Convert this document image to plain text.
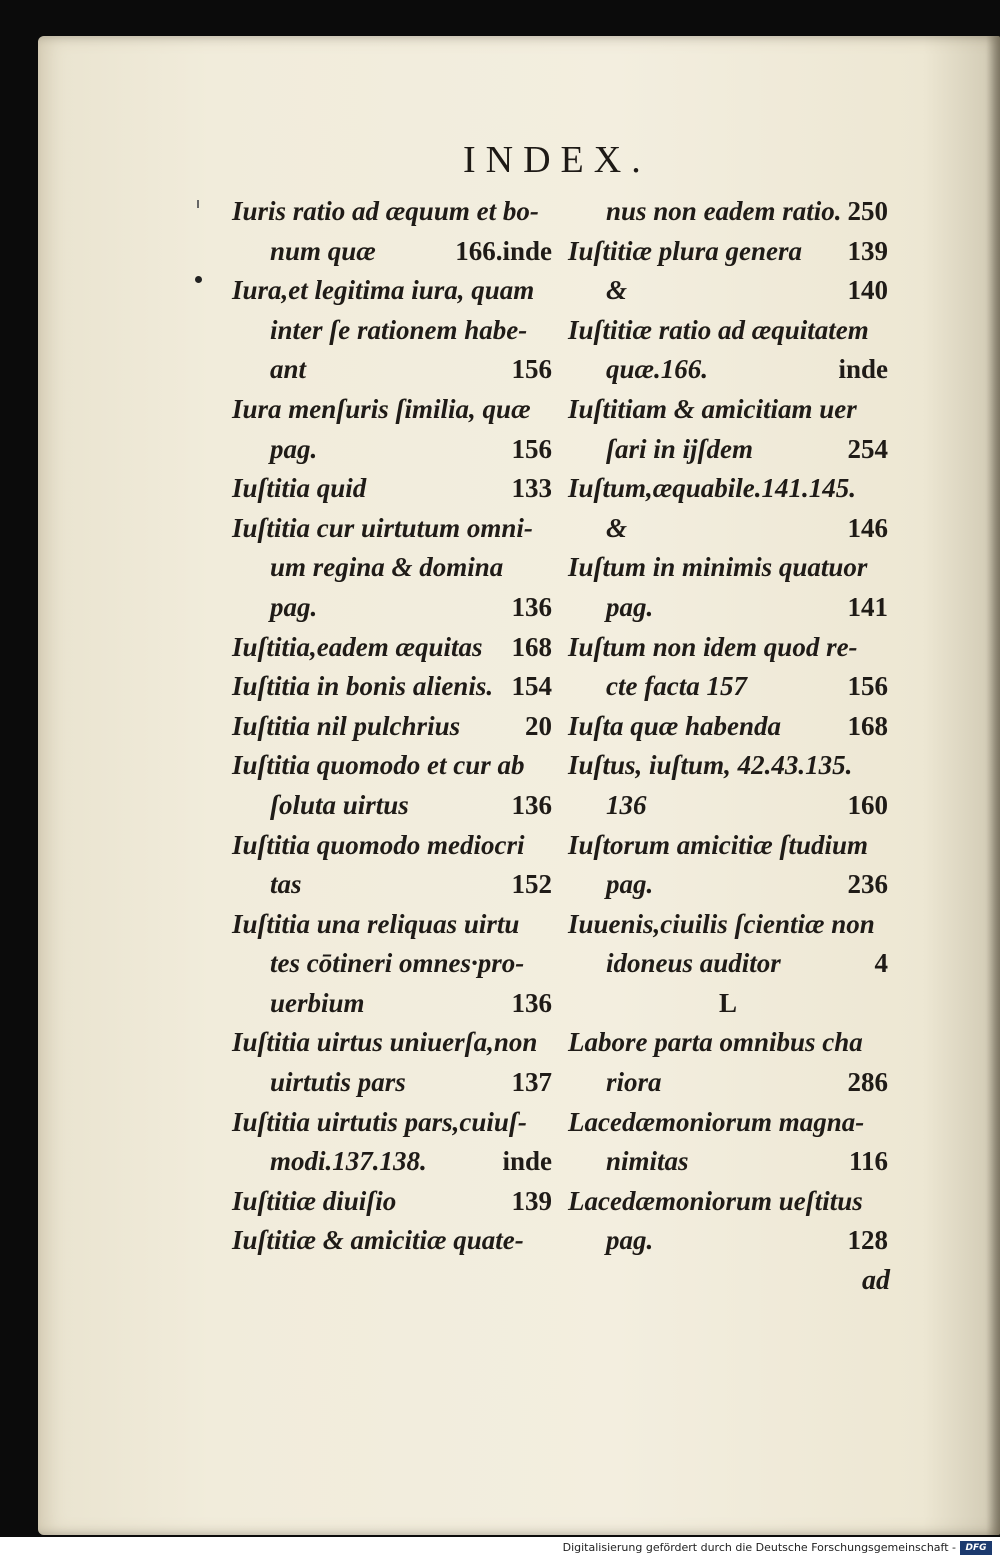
INDEX.
Iuris ratio ad æquum et bo-
num quæ	166.inde
Iura,et legitima iura, quam
inter ſe rationem habe-
ant	156
Iura menſuris ſimilia, quæ
pag.	156
Iuſtitia quid	133
Iuſtitia cur uirtutum omni-
um regina & domina
pag.	136
Iuſtitia,eadem æquitas 168
Iuſtitia in bonis alienis. 154
Iuſtitia nil pulchrius 20
Iuſtitia quomodo et cur ab
ſoluta uirtus	136
Iuſtitia quomodo mediocri
tas	152
Iuſtitia una reliquas uirtu
tes cōtineri omnes·pro-
uerbium	136
Iuſtitia uirtus uniuerſa,non
uirtutis pars	137
Iuſtitia uirtutis pars,cuiuſ-
modi.137.138.	inde
Iuſtitiæ diuiſio	139
Iuſtitiæ & amicitiæ quate-
nus non eadem ratio. 250
Iuſtitiæ plura genera 139
&	140
Iuſtitiæ ratio ad æquitatem
quæ.166.	inde
Iuſtitiam & amicitiam uer
ſari in ijſdem	254
Iuſtum,æquabile.141.145.
&	146
Iuſtum in minimis quatuor
pag.	141
Iuſtum non idem quod re-
cte facta 157	156
Iuſta quæ habenda 168
Iuſtus, iuſtum, 42.43.135.
136	160
Iuſtorum amicitiæ ſtudium
pag.	236
Iuuenis,ciuilis ſcientiæ non
idoneus auditor	4
L
Labore parta omnibus cha
riora	286
Lacedæmoniorum magna-
nimitas	116
Lacedæmoniorum ueſtitus
pag.	128
ad
Digitalisierung gefördert durch die Deutsche Forschungsgemeinschaft -	DFG
